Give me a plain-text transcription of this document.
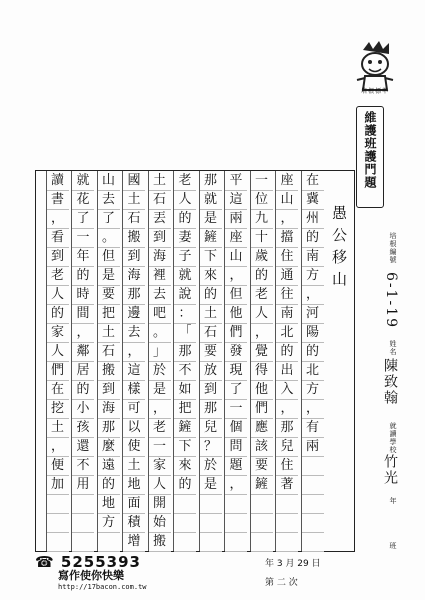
培根標準
維護班護門題
培根編號
6-1-19
姓名
陳致翰
就讀學校
竹光
年
班
在
冀
州
的
南
方
，
河
陽
的
北
方
，
有
兩
座
山
，
擋
住
通
往
南
北
的
出
入
，
那
兒
住
著
一
位
九
十
歲
的
老
人
，
覺
得
他
們
應
該
要
鏟
平
這
兩
座
山
，
但
他
們
發
現
了
一
個
問
題
，
那
就
是
鏟
下
來
的
土
石
要
放
到
那
兒
？
於
是
老
人
的
妻
子
就
說
：
「
那
不
如
把
鏟
下
來
的
土
石
丟
到
海
裡
去
吧
。
」
於
是
，
老
一
家
人
開
始
搬
國
土
石
搬
到
海
那
邊
去
，
這
樣
可
以
使
土
地
面
積
增
山
去
了
。
但
是
要
把
土
石
搬
到
海
那
麼
遠
的
地
方
就
花
了
一
年
的
時
間
，
鄰
居
的
小
孩
還
不
用
讀
書
，
看
到
老
人
的
家
人
們
在
挖
土
，
便
加
愚公移山
☎ 5255393
寫作使你快樂
http://17bacon.com.tw
年 3 月 29 日
第 二 次
